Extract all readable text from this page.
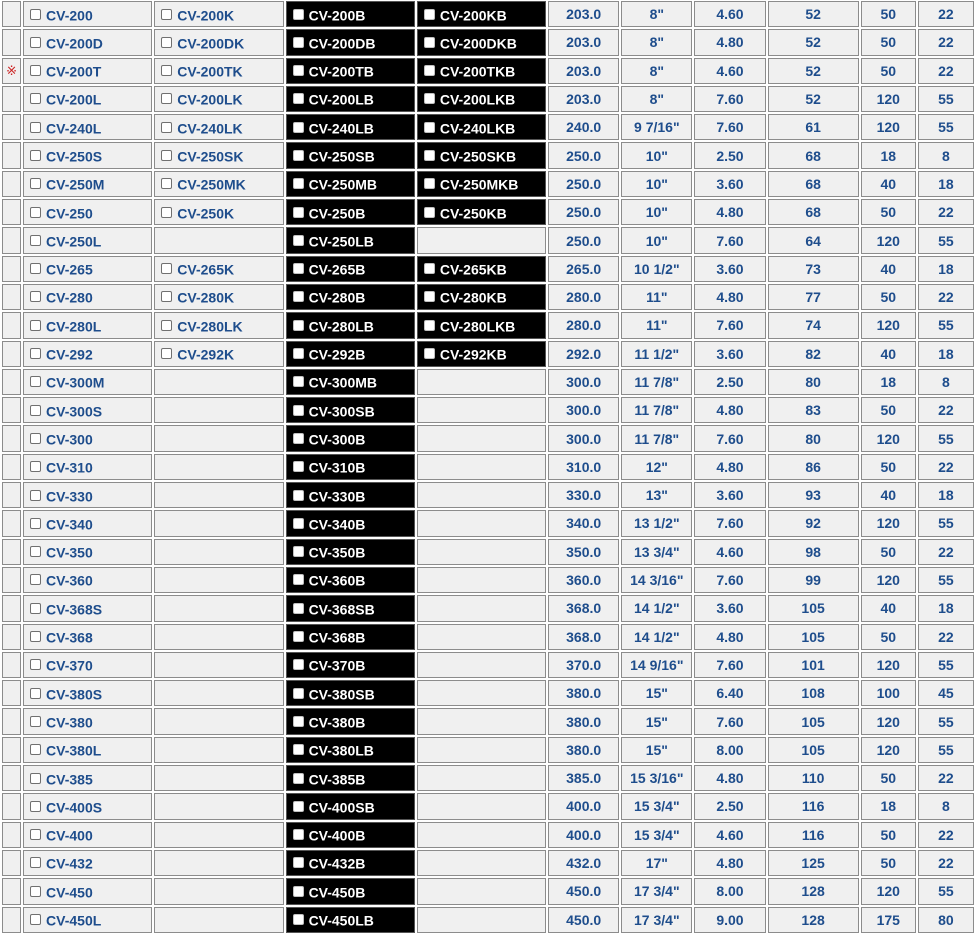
	CV-200	CV-200K	CV-200B	CV-200KB	203.0	8"	4.60	52	50	22
	CV-200D	CV-200DK	CV-200DB	CV-200DKB	203.0	8"	4.80	52	50	22
※	CV-200T	CV-200TK	CV-200TB	CV-200TKB	203.0	8"	4.60	52	50	22
	CV-200L	CV-200LK	CV-200LB	CV-200LKB	203.0	8"	7.60	52	120	55
	CV-240L	CV-240LK	CV-240LB	CV-240LKB	240.0	9 7/16"	7.60	61	120	55
	CV-250S	CV-250SK	CV-250SB	CV-250SKB	250.0	10"	2.50	68	18	8
	CV-250M	CV-250MK	CV-250MB	CV-250MKB	250.0	10"	3.60	68	40	18
	CV-250	CV-250K	CV-250B	CV-250KB	250.0	10"	4.80	68	50	22
	CV-250L		CV-250LB		250.0	10"	7.60	64	120	55
	CV-265	CV-265K	CV-265B	CV-265KB	265.0	10 1/2"	3.60	73	40	18
	CV-280	CV-280K	CV-280B	CV-280KB	280.0	11"	4.80	77	50	22
	CV-280L	CV-280LK	CV-280LB	CV-280LKB	280.0	11"	7.60	74	120	55
	CV-292	CV-292K	CV-292B	CV-292KB	292.0	11 1/2"	3.60	82	40	18
	CV-300M		CV-300MB		300.0	11 7/8"	2.50	80	18	8
	CV-300S		CV-300SB		300.0	11 7/8"	4.80	83	50	22
	CV-300		CV-300B		300.0	11 7/8"	7.60	80	120	55
	CV-310		CV-310B		310.0	12"	4.80	86	50	22
	CV-330		CV-330B		330.0	13"	3.60	93	40	18
	CV-340		CV-340B		340.0	13 1/2"	7.60	92	120	55
	CV-350		CV-350B		350.0	13 3/4"	4.60	98	50	22
	CV-360		CV-360B		360.0	14 3/16"	7.60	99	120	55
	CV-368S		CV-368SB		368.0	14 1/2"	3.60	105	40	18
	CV-368		CV-368B		368.0	14 1/2"	4.80	105	50	22
	CV-370		CV-370B		370.0	14 9/16"	7.60	101	120	55
	CV-380S		CV-380SB		380.0	15"	6.40	108	100	45
	CV-380		CV-380B		380.0	15"	7.60	105	120	55
	CV-380L		CV-380LB		380.0	15"	8.00	105	120	55
	CV-385		CV-385B		385.0	15 3/16"	4.80	110	50	22
	CV-400S		CV-400SB		400.0	15 3/4"	2.50	116	18	8
	CV-400		CV-400B		400.0	15 3/4"	4.60	116	50	22
	CV-432		CV-432B		432.0	17"	4.80	125	50	22
	CV-450		CV-450B		450.0	17 3/4"	8.00	128	120	55
	CV-450L		CV-450LB		450.0	17 3/4"	9.00	128	175	80
